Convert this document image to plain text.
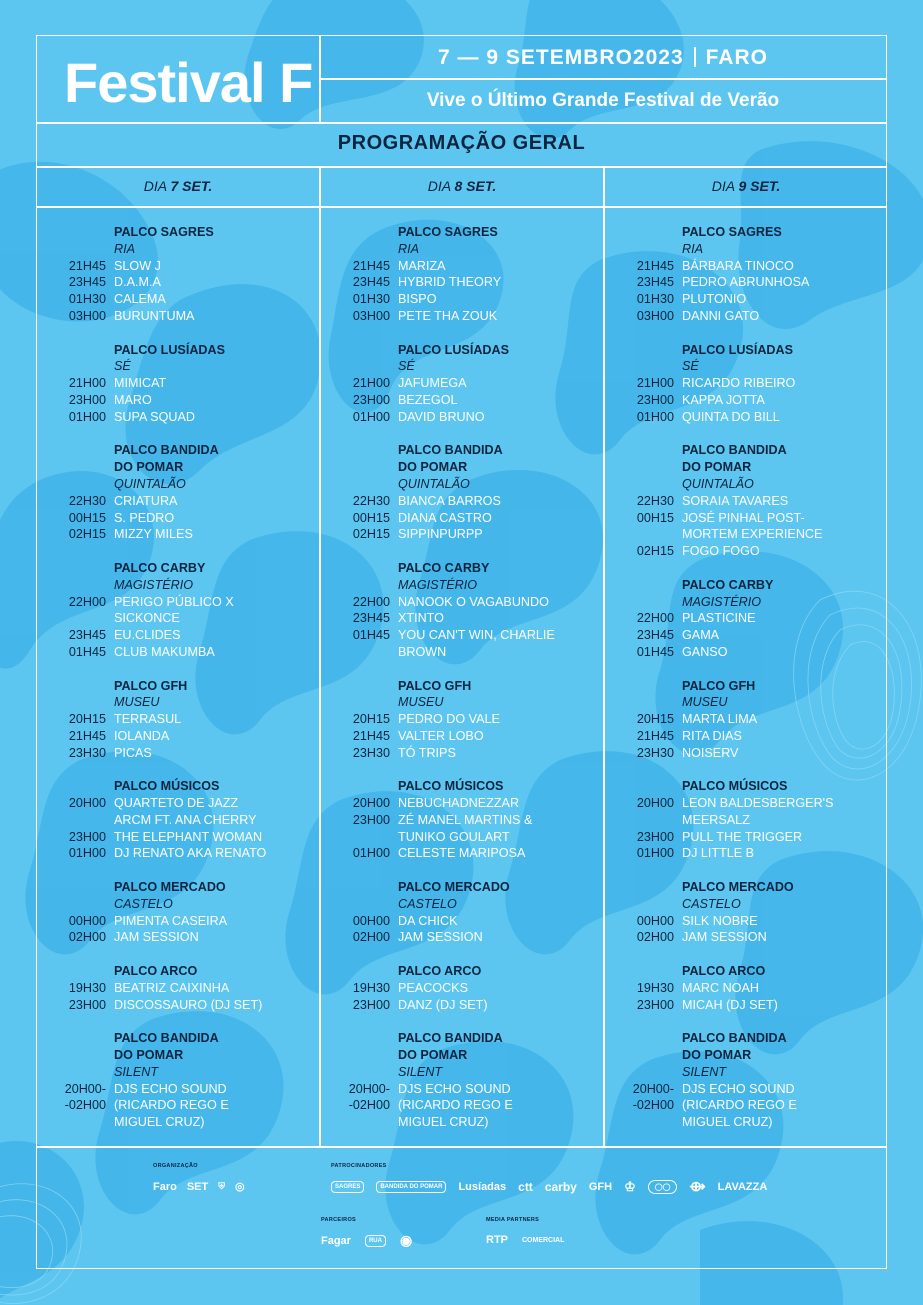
Festival F	7 — 9 SETEMBRO2023 FARO
Vive o Último Grande Festival de Verão
PROGRAMAÇÃO GERAL
DIA 7 SET.	DIA 8 SET.	DIA 9 SET.
PALCO SAGRES
RIA
21H45 SLOW J
23H45 D.A.M.A
01H30 CALEMA
03H00 BURUNTUMA
PALCO LUSÍADAS
SÉ
21H00 MIMICAT
23H00 MARO
01H00 SUPA SQUAD
PALCO BANDIDA
DO POMAR
QUINTALÃO
22H30 CRIATURA
00H15 S. PEDRO
02H15 MIZZY MILES
PALCO CARBY
MAGISTÉRIO
22H00 PERIGO PÚBLICO X
SICKONCE
23H45 EU.CLIDES
01H45 CLUB MAKUMBA
PALCO GFH
MUSEU
20H15 TERRASUL
21H45 IOLANDA
23H30 PICAS
PALCO MÚSICOS
20H00 QUARTETO DE JAZZ
ARCM FT. ANA CHERRY
23H00 THE ELEPHANT WOMAN
01H00 DJ RENATO AKA RENATO
PALCO MERCADO
CASTELO
00H00 PIMENTA CASEIRA
02H00 JAM SESSION
PALCO ARCO
19H30 BEATRIZ CAIXINHA
23H00 DISCOSSAURO (DJ SET)
PALCO BANDIDA
DO POMAR
SILENT
20H00- DJS ECHO SOUND
-02H00 (RICARDO REGO E
MIGUEL CRUZ)
PALCO SAGRES
RIA
21H45 MARIZA
23H45 HYBRID THEORY
01H30 BISPO
03H00 PETE THA ZOUK
PALCO LUSÍADAS
SÉ
21H00 JAFUMEGA
23H00 BEZEGOL
01H00 DAVID BRUNO
PALCO BANDIDA
DO POMAR
QUINTALÃO
22H30 BIANCA BARROS
00H15 DIANA CASTRO
02H15 SIPPINPURPP
PALCO CARBY
MAGISTÉRIO
22H00 NANOOK O VAGABUNDO
23H45 XTINTO
01H45 YOU CAN'T WIN, CHARLIE
BROWN
PALCO GFH
MUSEU
20H15 PEDRO DO VALE
21H45 VALTER LOBO
23H30 TÓ TRIPS
PALCO MÚSICOS
20H00 NEBUCHADNEZZAR
23H00 ZÉ MANEL MARTINS &
TUNIKO GOULART
01H00 CELESTE MARIPOSA
PALCO MERCADO
CASTELO
00H00 DA CHICK
02H00 JAM SESSION
PALCO ARCO
19H30 PEACOCKS
23H00 DANZ (DJ SET)
PALCO BANDIDA
DO POMAR
SILENT
20H00- DJS ECHO SOUND
-02H00 (RICARDO REGO E
MIGUEL CRUZ)
PALCO SAGRES
RIA
21H45 BÁRBARA TINOCO
23H45 PEDRO ABRUNHOSA
01H30 PLUTONIO
03H00 DANNI GATO
PALCO LUSÍADAS
SÉ
21H00 RICARDO RIBEIRO
23H00 KAPPA JOTTA
01H00 QUINTA DO BILL
PALCO BANDIDA
DO POMAR
QUINTALÃO
22H30 SORAIA TAVARES
00H15 JOSÉ PINHAL POST-
MORTEM EXPERIENCE
02H15 FOGO FOGO
PALCO CARBY
MAGISTÉRIO
22H00 PLASTICINE
23H45 GAMA
01H45 GANSO
PALCO GFH
MUSEU
20H15 MARTA LIMA
21H45 RITA DIAS
23H30 NOISERV
PALCO MÚSICOS
20H00 LEON BALDESBERGER'S
MEERSALZ
23H00 PULL THE TRIGGER
01H00 DJ LITTLE B
PALCO MERCADO
CASTELO
00H00 SILK NOBRE
02H00 JAM SESSION
PALCO ARCO
19H30 MARC NOAH
23H00 MICAH (DJ SET)
PALCO BANDIDA
DO POMAR
SILENT
20H00- DJS ECHO SOUND
-02H00 (RICARDO REGO E
MIGUEL CRUZ)
ORGANIZAÇÃO	PATROCINADORES
PARCEIROS	MEDIA PARTNERS
Faro SET ⛨ ◎	SAGRES	BANDIDA DO POMAR	Lusíadas ctt carby GFH ♔	◯◯	⟴ LAVAZZA
Fagar	RUA ◉	RTP COMERCIAL
